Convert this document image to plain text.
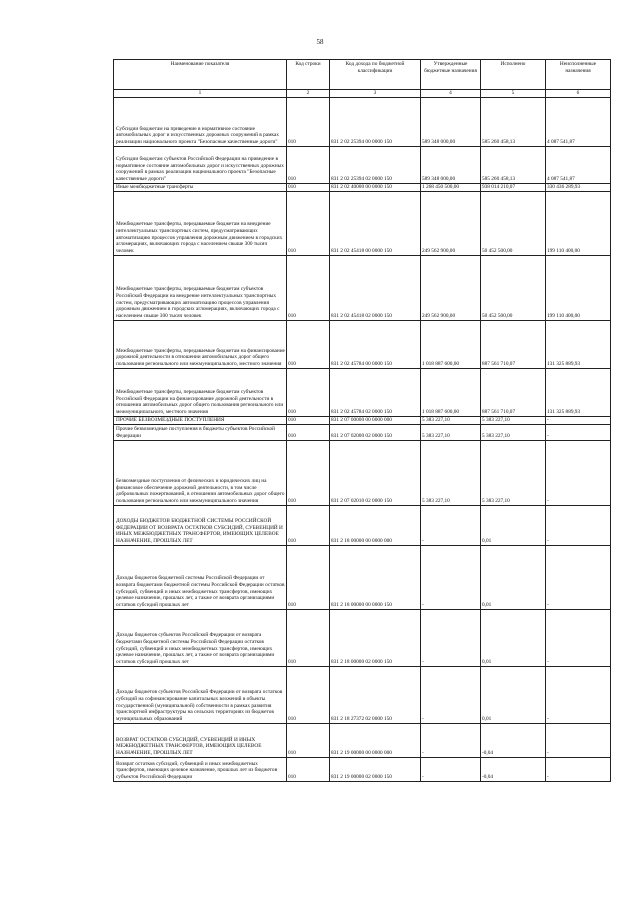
58
Наименование показателя	Код строки	Код дохода по бюджетной классификации	Утвержденные бюджетные назначения	Исполнено	Неисполненные назначения
1	2	3	4	5	6

Субсидии бюджетам на приведение в нормативное состояние автомобильных дорог и искусственных дорожных сооружений в рамках реализации национального проекта "Безопасные качественные дороги"	010	831 2 02 25394 00 0000 150	589 348 000,00	585 260 458,13	4 087 541,87

Субсидии бюджетам субъектов Российской Федерации на приведение в нормативное состояние автомобильных дорог и искусственных дорожных сооружений в рамках реализации национального проекта "Безопасные качественные дороги"	010	831 2 02 25394 02 0000 150	589 348 000,00	585 260 458,13	4 087 541,87

Иные межбюджетные трансферты	010	831 2 02 40000 00 0000 150	1 268 450 500,00	938 014 210,07	330 436 289,93

Межбюджетные трансферты, передаваемые бюджетам на внедрение интеллектуальных транспортных систем, предусматривающих автоматизацию процессов управления дорожным движением в городских агломерациях, включающих города с населением свыше 300 тысяч человек	010	831 2 02 45418 00 0000 150	249 562 900,00	50 452 500,00	199 110 400,00

Межбюджетные трансферты, передаваемые бюджетам субъектов Российской Федерации на внедрение интеллектуальных транспортных систем, предусматривающих автоматизацию процессов управления дорожным движением в городских агломерациях, включающих города с населением свыше 300 тысяч человек	010	831 2 02 45418 02 0000 150	249 562 900,00	50 452 500,00	199 110 400,00

Межбюджетные трансферты, передаваемые бюджетам на финансирование дорожной деятельности в отношении автомобильных дорог общего пользования регионального или межмуниципального, местного значения	010	831 2 02 45784 00 0000 150	1 018 887 600,00	887 561 710,07	131 325 889,93

Межбюджетные трансферты, передаваемые бюджетам субъектов Российской Федерации на финансирование дорожной деятельности в отношении автомобильных дорог общего пользования регионального или межмуниципального, местного значения	010	831 2 02 45784 02 0000 150	1 018 887 600,00	887 561 710,07	131 325 889,93

ПРОЧИЕ БЕЗВОЗМЕЗДНЫЕ ПОСТУПЛЕНИЯ	010	831 2 07 00000 00 0000 000	5 383 227,10	5 383 227,10	-

Прочие безвозмездные поступления в бюджеты субъектов Российской Федерации	010	831 2 07 02000 02 0000 150	5 383 227,10	5 383 227,10	-

Безвозмездные поступления от физических и юридических лиц на финансовое обеспечение дорожной деятельности, в том числе добровольных пожертвований, в отношении автомобильных дорог общего пользования регионального или межмуниципального значения	010	831 2 07 02010 02 0000 150	5 383 227,10	5 383 227,10	-

ДОХОДЫ БЮДЖЕТОВ БЮДЖЕТНОЙ СИСТЕМЫ РОССИЙСКОЙ ФЕДЕРАЦИИ ОТ ВОЗВРАТА ОСТАТКОВ СУБСИДИЙ, СУБВЕНЦИЙ И ИНЫХ МЕЖБЮДЖЕТНЫХ ТРАНСФЕРТОВ, ИМЕЮЩИХ ЦЕЛЕВОЕ НАЗНАЧЕНИЕ, ПРОШЛЫХ ЛЕТ	010	831 2 18 00000 00 0000 000	-	0,01	-

Доходы бюджетов бюджетной системы Российской Федерации от возврата бюджетами бюджетной системы Российской Федерации остатков субсидий, субвенций и иных межбюджетных трансфертов, имеющих целевое назначение, прошлых лет, а также от возврата организациями остатков субсидий прошлых лет	010	831 2 18 00000 00 0000 150	-	0,01	-

Доходы бюджетов субъектов Российской Федерации от возврата бюджетами бюджетной системы Российской Федерации остатков субсидий, субвенций и иных межбюджетных трансфертов, имеющих целевое назначение, прошлых лет, а также от возврата организациями остатков субсидий прошлых лет	010	831 2 18 00000 02 0000 150	-	0,01	-

Доходы бюджетов субъектов Российской Федерации от возврата остатков субсидий на софинансирование капитальных вложений в объекты государственной (муниципальной) собственности в рамках развития транспортной инфраструктуры на сельских территориях из бюджетов муниципальных образований	010	831 2 18 27372 02 0000 150	-	0,01	-

ВОЗВРАТ ОСТАТКОВ СУБСИДИЙ, СУБВЕНЦИЙ И ИНЫХ МЕЖБЮДЖЕТНЫХ ТРАНСФЕРТОВ, ИМЕЮЩИХ ЦЕЛЕВОЕ НАЗНАЧЕНИЕ, ПРОШЛЫХ ЛЕТ	010	831 2 19 00000 00 0000 000	-	-0,04	-

Возврат остатков субсидий, субвенций и иных межбюджетных трансфертов, имеющих целевое назначение, прошлых лет из бюджетов субъектов Российской Федерации	010	831 2 19 00000 02 0000 150	-	-0,04	-
